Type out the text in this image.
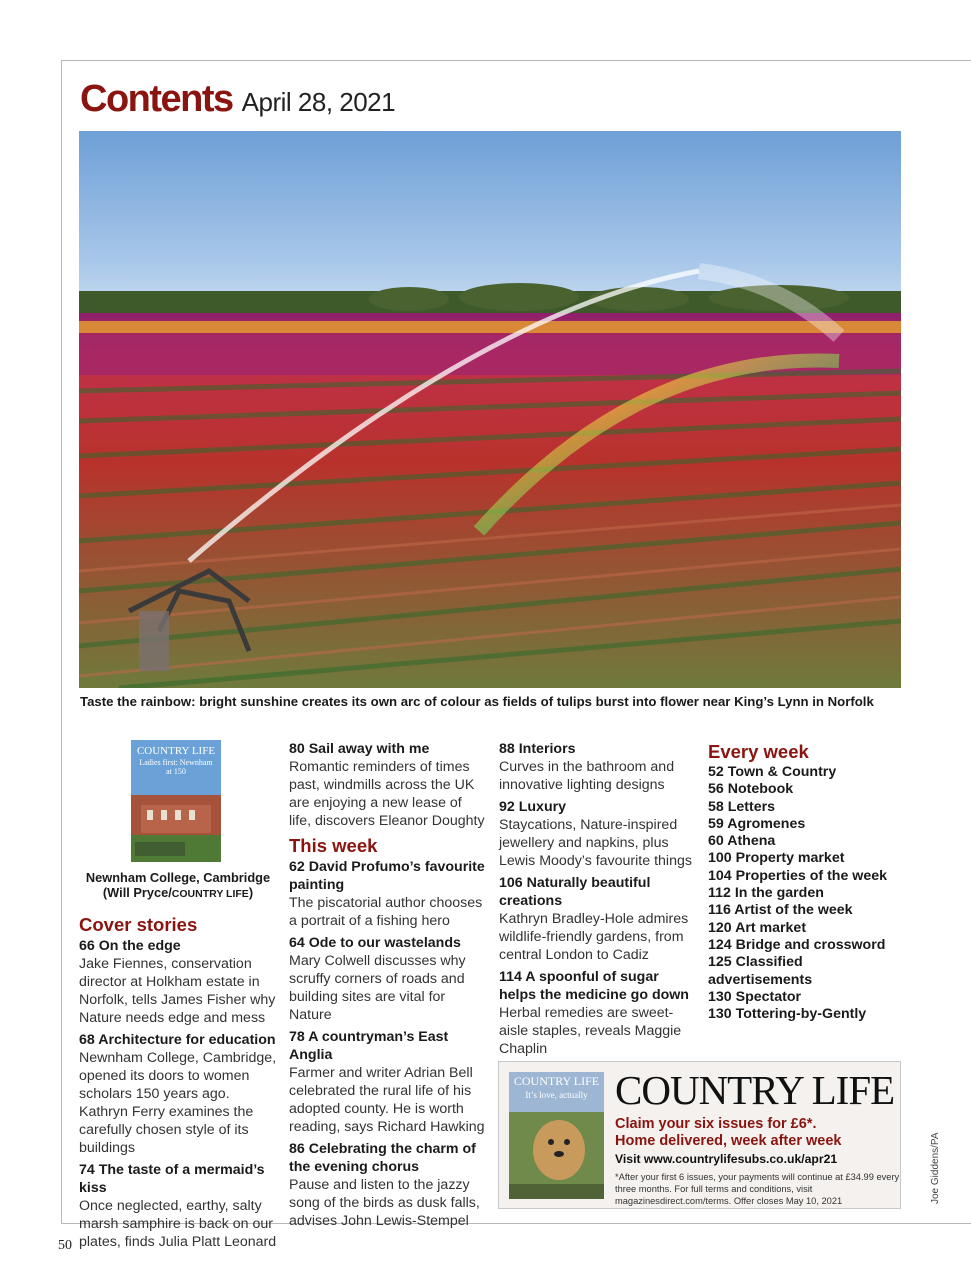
Contents April 28, 2021
Taste the rainbow: bright sunshine creates its own arc of colour as fields of tulips burst into flower near King’s Lynn in Norfolk
COUNTRY LIFE
Ladies first: Newnham at 150
Newnham College, Cambridge
(Will Pryce/COUNTRY LIFE)
Cover stories
66 On the edge
Jake Fiennes, conservation director at Holkham estate in Norfolk, tells James Fisher why Nature needs edge and mess
68 Architecture for education
Newnham College, Cambridge, opened its doors to women scholars 150 years ago. Kathryn Ferry examines the carefully chosen style of its buildings
74 The taste of a mermaid’s kiss
Once neglected, earthy, salty marsh samphire is back on our plates, finds Julia Platt Leonard
80 Sail away with me
Romantic reminders of times past, windmills across the UK are enjoying a new lease of life, discovers Eleanor Doughty
This week
62 David Profumo’s favourite painting
The piscatorial author chooses a portrait of a fishing hero
64 Ode to our wastelands
Mary Colwell discusses why scruffy corners of roads and building sites are vital for Nature
78 A countryman’s East Anglia
Farmer and writer Adrian Bell celebrated the rural life of his adopted county. He is worth reading, says Richard Hawking
86 Celebrating the charm of the evening chorus
Pause and listen to the jazzy song of the birds as dusk falls, advises John Lewis-Stempel
88 Interiors
Curves in the bathroom and innovative lighting designs
92 Luxury
Staycations, Nature-inspired jewellery and napkins, plus Lewis Moody’s favourite things
106 Naturally beautiful creations
Kathryn Bradley-Hole admires wildlife-friendly gardens, from central London to Cadiz
114 A spoonful of sugar helps the medicine go down
Herbal remedies are sweet-aisle staples, reveals Maggie Chaplin
Every week
52 Town & Country
56 Notebook
58 Letters
59 Agromenes
60 Athena
100 Property market
104 Properties of the week
112 In the garden
116 Artist of the week
120 Art market
124 Bridge and crossword
125 Classified advertisements
130 Spectator
130 Tottering-by-Gently
COUNTRY LIFE
It’s love, actually COUNTRY LIFE
Claim your six issues for £6*.
Home delivered, week after week
Visit www.countrylifesubs.co.uk/apr21
*After your first 6 issues, your payments will continue at £34.99 every three months. For full terms and conditions, visit magazinesdirect.com/terms. Offer closes May 10, 2021	Joe Giddens/PA
50
